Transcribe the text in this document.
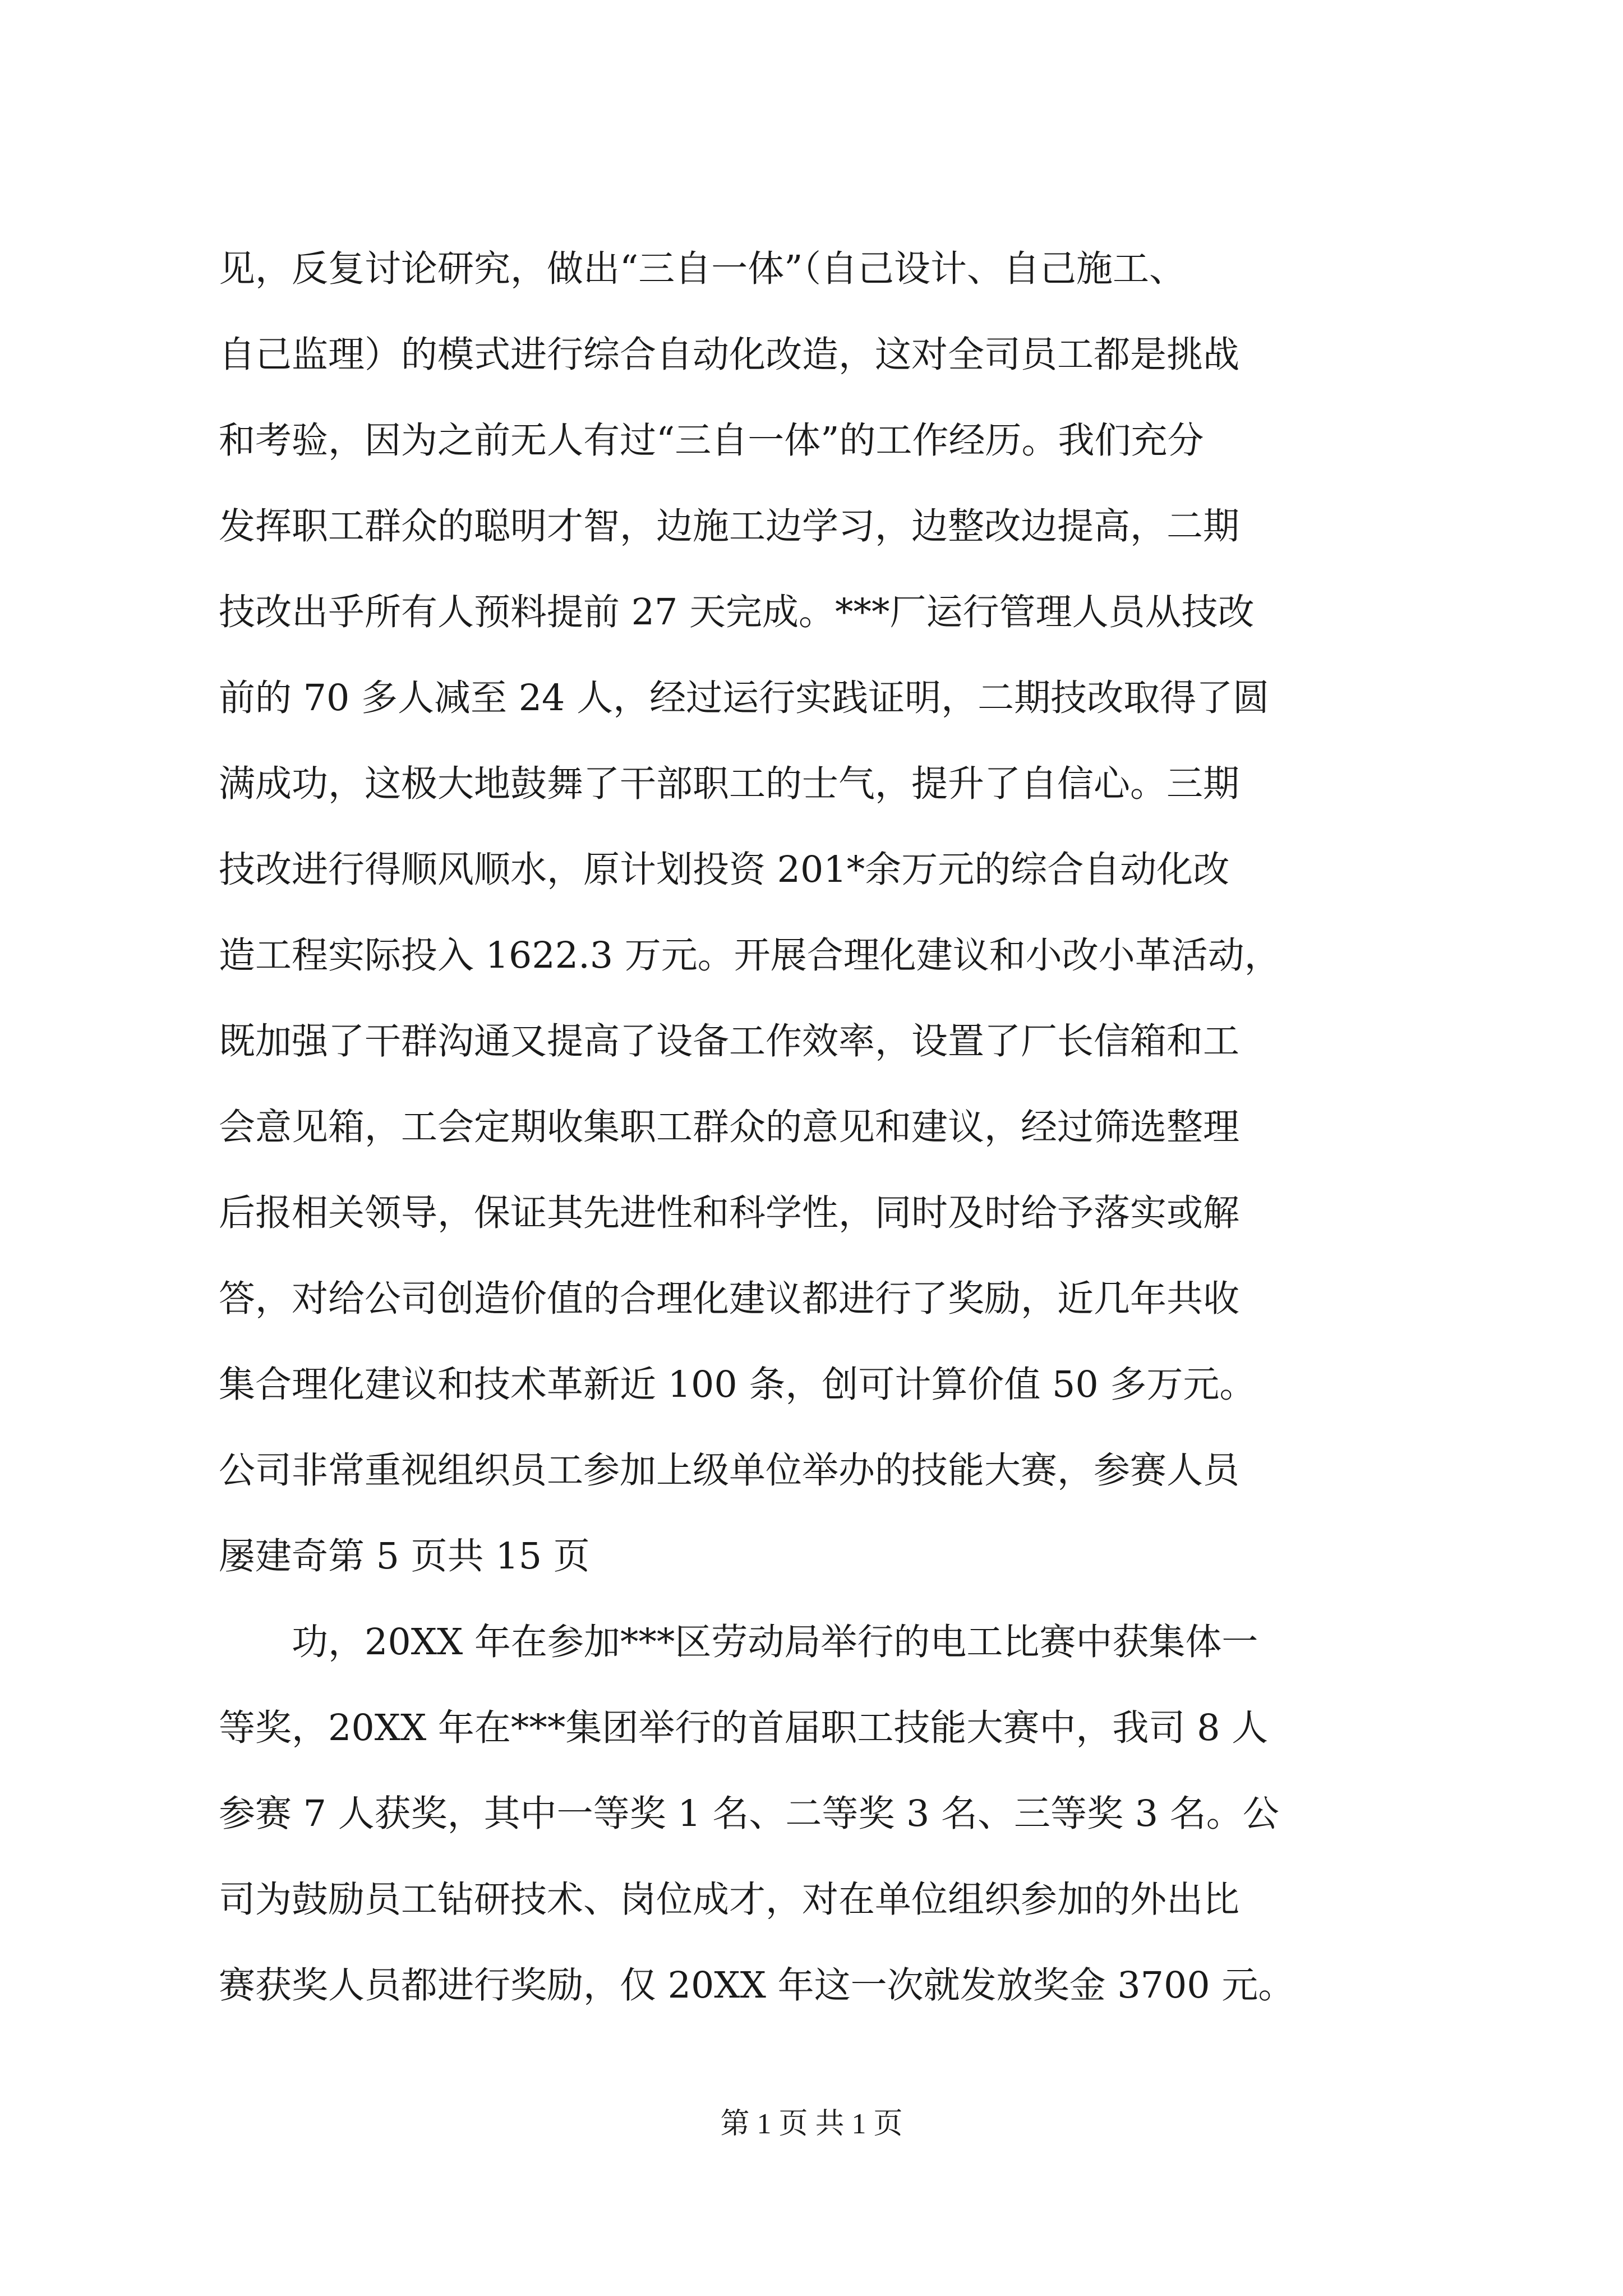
见，反复讨论研究，做出“三自一体”（自己设计、自己施工、
自己监理）的模式进行综合自动化改造，这对全司员工都是挑战
和考验，因为之前无人有过“三自一体”的工作经历。我们充分
发挥职工群众的聪明才智，边施工边学习，边整改边提高，二期
技改出乎所有人预料提前 27 天完成。***厂运行管理人员从技改
前的 70 多人减至 24 人，经过运行实践证明，二期技改取得了圆
满成功，这极大地鼓舞了干部职工的士气，提升了自信心。三期
技改进行得顺风顺水，原计划投资 201*余万元的综合自动化改
造工程实际投入 1622.3 万元。开展合理化建议和小改小革活动，
既加强了干群沟通又提高了设备工作效率，设置了厂长信箱和工
会意见箱，工会定期收集职工群众的意见和建议，经过筛选整理
后报相关领导，保证其先进性和科学性，同时及时给予落实或解
答，对给公司创造价值的合理化建议都进行了奖励，近几年共收
集合理化建议和技术革新近 100 条，创可计算价值 50 多万元。
公司非常重视组织员工参加上级单位举办的技能大赛，参赛人员
屡建奇第 5 页共 15 页
功，20XX 年在参加***区劳动局举行的电工比赛中获集体一
等奖，20XX 年在***集团举行的首届职工技能大赛中，我司 8 人
参赛 7 人获奖，其中一等奖 1 名、二等奖 3 名、三等奖 3 名。公
司为鼓励员工钻研技术、岗位成才，对在单位组织参加的外出比
赛获奖人员都进行奖励，仅 20XX 年这一次就发放奖金 3700 元。
第 1 页 共 1 页
